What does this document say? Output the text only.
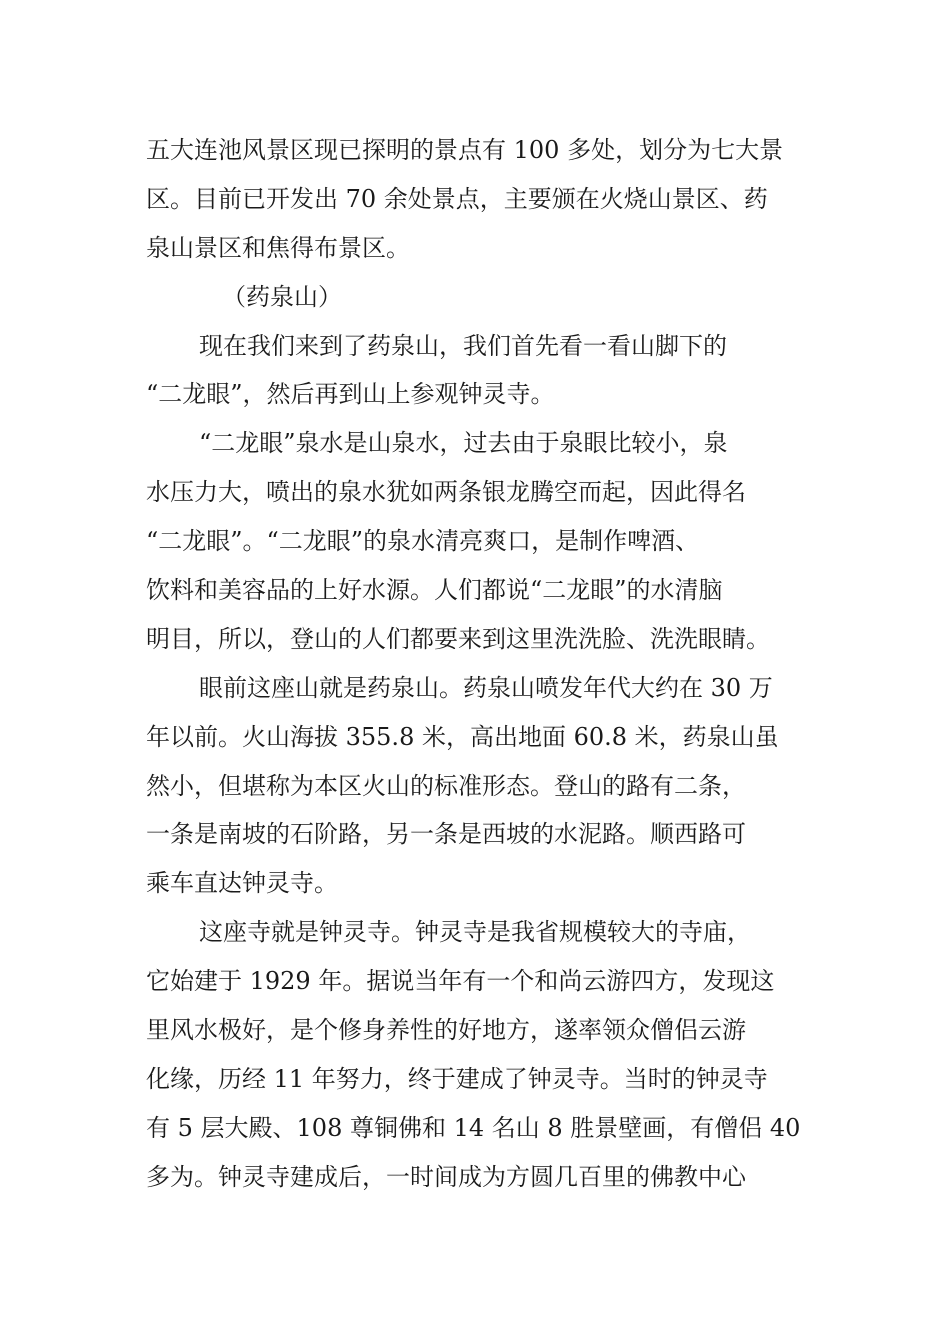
五大连池风景区现已探明的景点有 100 多处，划分为七大景
区。目前已开发出 70 余处景点，主要颁在火烧山景区、药
泉山景区和焦得布景区。
（药泉山）
现在我们来到了药泉山，我们首先看一看山脚下的
“二龙眼”，然后再到山上参观钟灵寺。
“二龙眼”泉水是山泉水，过去由于泉眼比较小，泉
水压力大，喷出的泉水犹如两条银龙腾空而起，因此得名
“二龙眼”。“二龙眼”的泉水清亮爽口，是制作啤酒、
饮料和美容品的上好水源。人们都说“二龙眼”的水清脑
明目，所以，登山的人们都要来到这里洗洗脸、洗洗眼睛。
眼前这座山就是药泉山。药泉山喷发年代大约在 30 万
年以前。火山海拔 355.8 米，高出地面 60.8 米，药泉山虽
然小，但堪称为本区火山的标准形态。登山的路有二条，
一条是南坡的石阶路，另一条是西坡的水泥路。顺西路可
乘车直达钟灵寺。
这座寺就是钟灵寺。钟灵寺是我省规模较大的寺庙，
它始建于 1929 年。据说当年有一个和尚云游四方，发现这
里风水极好，是个修身养性的好地方，遂率领众僧侣云游
化缘，历经 11 年努力，终于建成了钟灵寺。当时的钟灵寺
有 5 层大殿、108 尊铜佛和 14 名山 8 胜景壁画，有僧侣 40
多为。钟灵寺建成后，一时间成为方圆几百里的佛教中心
